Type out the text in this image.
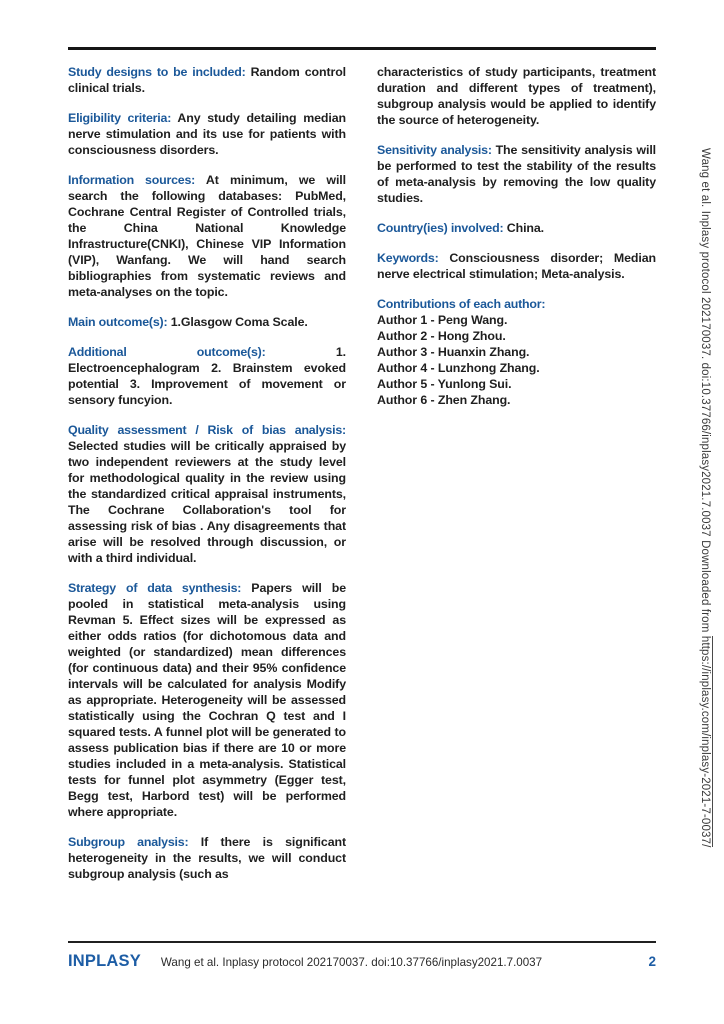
Study designs to be included: Random control clinical trials.

Eligibility criteria: Any study detailing median nerve stimulation and its use for patients with consciousness disorders.

Information sources: At minimum, we will search the following databases: PubMed, Cochrane Central Register of Controlled trials, the China National Knowledge Infrastructure(CNKI), Chinese VIP Information (VIP), Wanfang. We will hand search bibliographies from systematic reviews and meta-analyses on the topic.

Main outcome(s): 1.Glasgow Coma Scale.

Additional outcome(s):	1. Electroencephalogram 2. Brainstem evoked potential 3. Improvement of movement or sensory funcyion.

Quality assessment / Risk of bias analysis: Selected studies will be critically appraised by two independent reviewers at the study level for methodological quality in the review using the standardized critical appraisal instruments, The Cochrane Collaboration's tool for assessing risk of bias . Any disagreements that arise will be resolved through discussion, or with a third individual.

Strategy of data synthesis: Papers will be pooled in statistical meta-analysis using Revman 5. Effect sizes will be expressed as either odds ratios (for dichotomous data and weighted (or standardized) mean differences (for continuous data) and their 95% confidence intervals will be calculated for analysis Modify as appropriate. Heterogeneity will be assessed statistically using the Cochran Q test and I squared tests. A funnel plot will be generated to assess publication bias if there are 10 or more studies included in a meta-analysis. Statistical tests for funnel plot asymmetry (Egger test, Begg test, Harbord test) will be performed where appropriate.

Subgroup analysis: If there is significant heterogeneity in the results, we will conduct subgroup analysis (such as

characteristics of study participants, treatment duration and different types of treatment), subgroup analysis would be applied to identify the source of heterogeneity.

Sensitivity analysis: The sensitivity analysis will be performed to test the stability of the results of meta-analysis by removing the low quality studies.

Country(ies) involved: China.

Keywords: Consciousness disorder; Median nerve electrical stimulation; Meta-analysis.

Contributions of each author:
Author 1 - Peng Wang.
Author 2 - Hong Zhou.
Author 3 - Huanxin Zhang.
Author 4 - Lunzhong Zhang.
Author 5 - Yunlong Sui.
Author 6 - Zhen Zhang.	Wang et al. Inplasy protocol 202170037. doi:10.37766/inplasy2021.7.0037 Downloaded from https://inplasy.com/inplasy-2021-7-0037/
INPLASY Wang et al. Inplasy protocol 202170037. doi:10.37766/inplasy2021.7.0037	2
